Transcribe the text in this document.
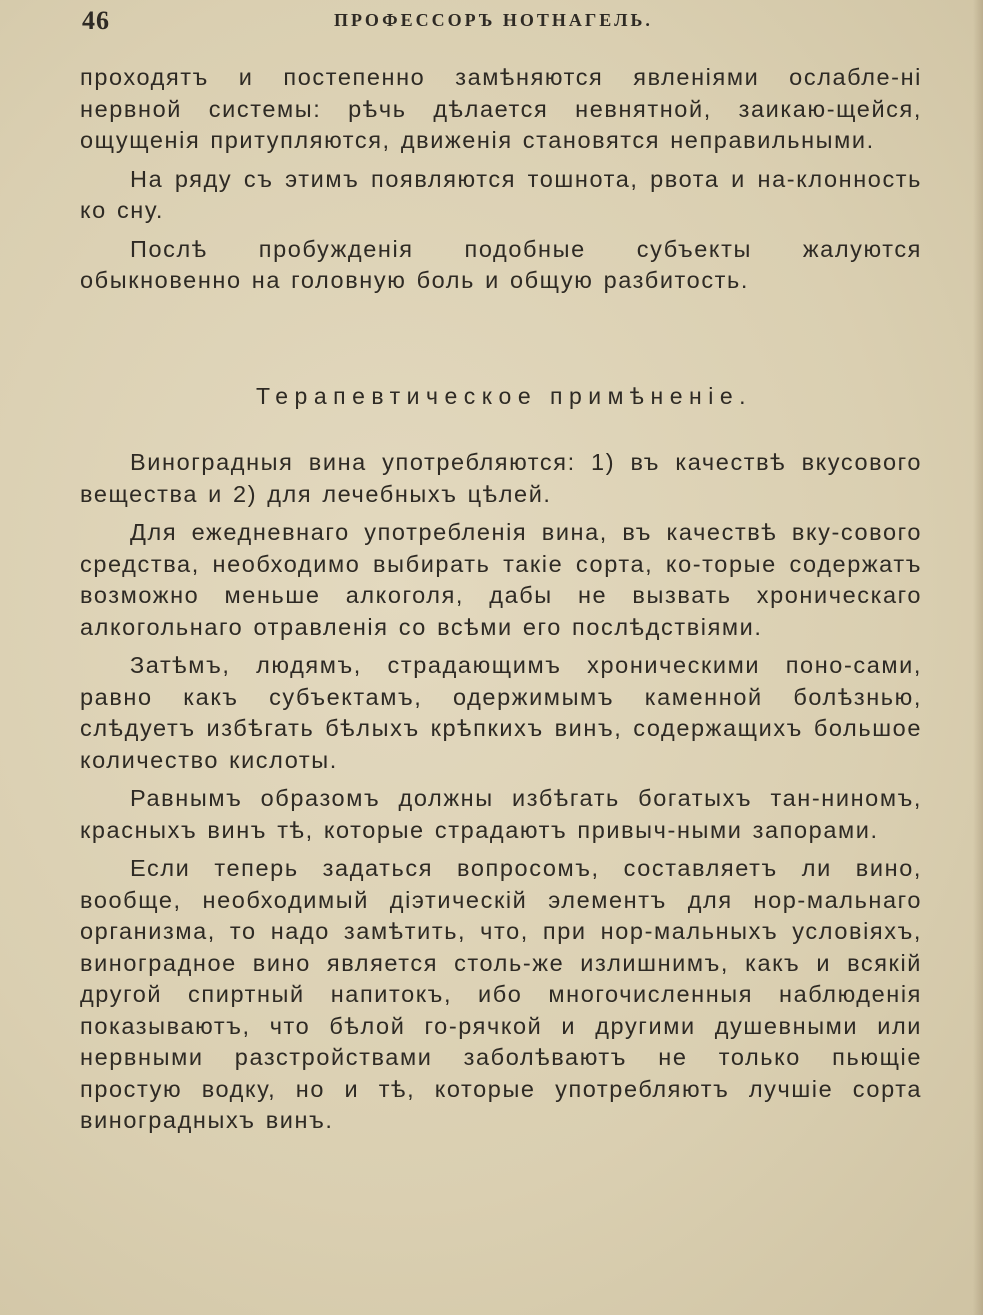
46	ПРОФЕССОРЪ НОТНАГЕЛЬ.
проходятъ и постепенно замѣняются явленіями ослабле-ні нервной системы: рѣчь дѣлается невнятной, заикаю-щейся, ощущенія притупляются, движенія становятся неправильными.
На ряду съ этимъ появляются тошнота, рвота и на-клонность ко сну.
Послѣ пробужденія подобные субъекты жалуются обыкновенно на головную боль и общую разбитость.
Терапевтическое примѣненіе.
Виноградныя вина употребляются: 1) въ качествѣ вкусового вещества и 2) для лечебныхъ цѣлей.
Для ежедневнаго употребленія вина, въ качествѣ вку-сового средства, необходимо выбирать такіе сорта, ко-торые содержатъ возможно меньше алкоголя, дабы не вызвать хроническаго алкогольнаго отравленія со всѣми его послѣдствіями.
Затѣмъ, людямъ, страдающимъ хроническими поно-сами, равно какъ субъектамъ, одержимымъ каменной болѣзнью, слѣдуетъ избѣгать бѣлыхъ крѣпкихъ винъ, содержащихъ большое количество кислоты.
Равнымъ образомъ должны избѣгать богатыхъ тан-ниномъ, красныхъ винъ тѣ, которые страдаютъ привыч-ными запорами.
Если теперь задаться вопросомъ, составляетъ ли вино, вообще, необходимый діэтическій элементъ для нор-мальнаго организма, то надо замѣтить, что, при нор-мальныхъ условіяхъ, виноградное вино является столь-же излишнимъ, какъ и всякій другой спиртный напитокъ, ибо многочисленныя наблюденія показываютъ, что бѣлой го-рячкой и другими душевными или нервными разстройствами заболѣваютъ не только пьющіе простую водку, но и тѣ, которые употребляютъ лучшіе сорта виноградныхъ винъ.
